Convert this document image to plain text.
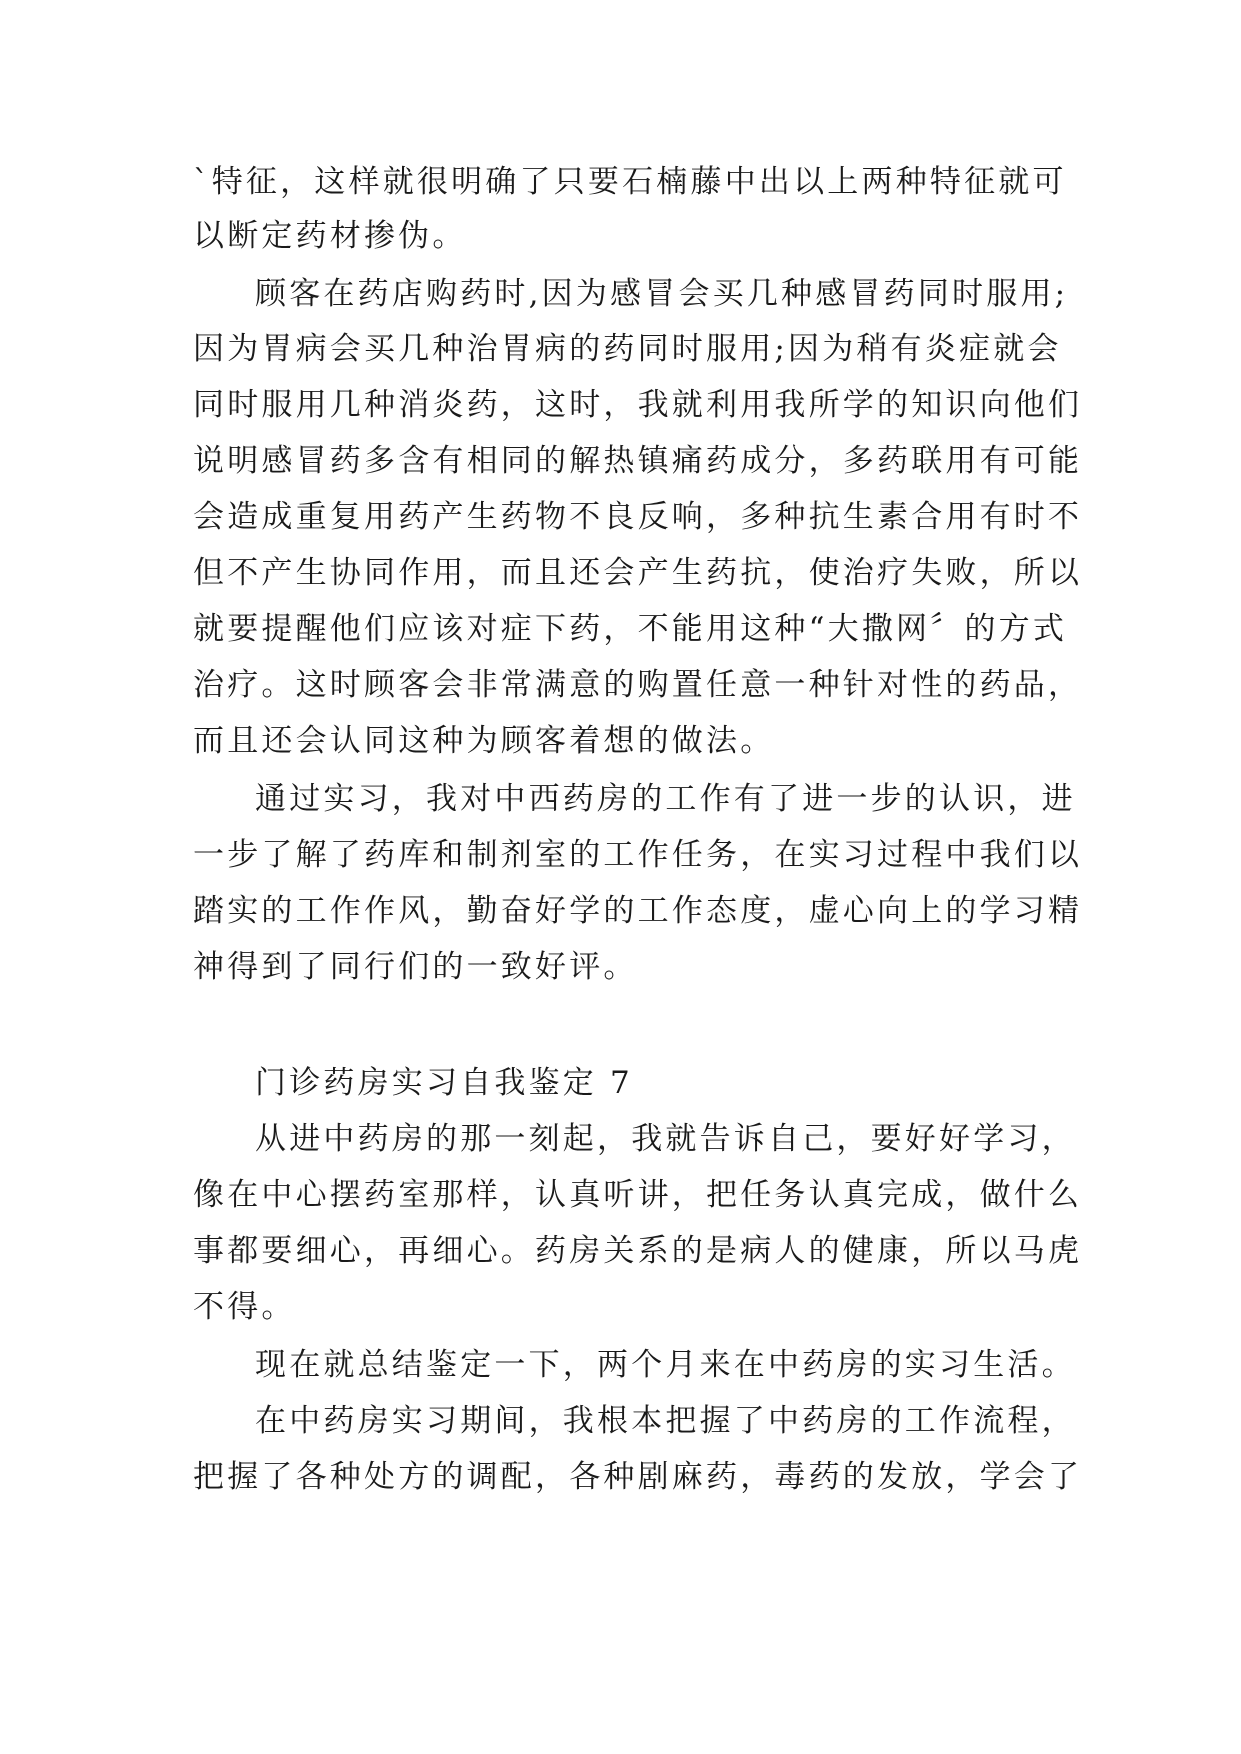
`特征，这样就很明确了只要石楠藤中出以上两种特征就可
以断定药材掺伪。
顾客在药店购药时,因为感冒会买几种感冒药同时服用;
因为胃病会买几种治胃病的药同时服用;因为稍有炎症就会
同时服用几种消炎药，这时，我就利用我所学的知识向他们
说明感冒药多含有相同的解热镇痛药成分，多药联用有可能
会造成重复用药产生药物不良反响，多种抗生素合用有时不
但不产生协同作用，而且还会产生药抗，使治疗失败，所以
就要提醒他们应该对症下药，不能用这种“大撒网〞的方式
治疗。这时顾客会非常满意的购置任意一种针对性的药品，
而且还会认同这种为顾客着想的做法。
通过实习，我对中西药房的工作有了进一步的认识，进
一步了解了药库和制剂室的工作任务，在实习过程中我们以
踏实的工作作风，勤奋好学的工作态度，虚心向上的学习精
神得到了同行们的一致好评。
门诊药房实习自我鉴定 7
从进中药房的那一刻起，我就告诉自己，要好好学习，
像在中心摆药室那样，认真听讲，把任务认真完成，做什么
事都要细心，再细心。药房关系的是病人的健康，所以马虎
不得。
现在就总结鉴定一下，两个月来在中药房的实习生活。
在中药房实习期间，我根本把握了中药房的工作流程，
把握了各种处方的调配，各种剧麻药，毒药的发放，学会了
